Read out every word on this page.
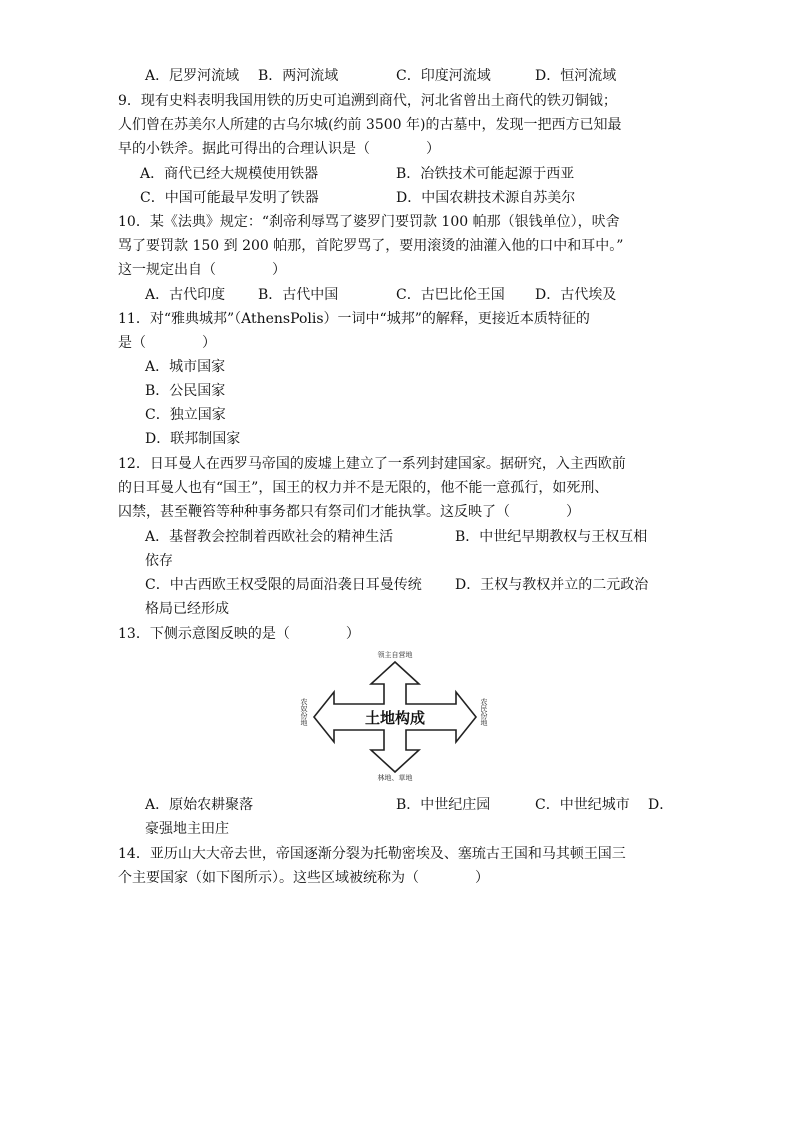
A．尼罗河流域 B．两河流域	C．印度河流域	D．恒河流域
9．现有史料表明我国用铁的历史可追溯到商代，河北省曾出土商代的铁刃铜钺；
人们曾在苏美尔人所建的古乌尔城(约前 3500 年)的古墓中，发现一把西方已知最
早的小铁斧。据此可得出的合理认识是（　　　　）
A．商代已经大规模使用铁器	B．冶铁技术可能起源于西亚
C．中国可能最早发明了铁器	D．中国农耕技术源自苏美尔
10．某《法典》规定：“刹帝利辱骂了婆罗门要罚款 100 帕那（银钱单位），吠舍
骂了要罚款 150 到 200 帕那，首陀罗骂了，要用滚烫的油灌入他的口中和耳中。”
这一规定出自（　　　　）
A．古代印度 B．古代中国	C．古巴比伦王国 D．古代埃及
11．对“雅典城邦”（AthensPolis）一词中“城邦”的解释，更接近本质特征的
是（　　　　）
A．城市国家
B．公民国家
C．独立国家
D．联邦制国家
12．日耳曼人在西罗马帝国的废墟上建立了一系列封建国家。据研究，入主西欧前
的日耳曼人也有“国王”，国王的权力并不是无限的，他不能一意孤行，如死刑、
囚禁，甚至鞭笞等种种事务都只有祭司们才能执掌。这反映了（　　　　）
A．基督教会控制着西欧社会的精神生活	B．中世纪早期教权与王权互相
依存
C．中古西欧王权受限的局面沿袭日耳曼传统 D．王权与教权并立的二元政治
格局已经形成
13．下侧示意图反映的是（　　　　）
土地构成
领主自营地
林地、草地
农奴份地	农民份地
A．原始农耕聚落	B．中世纪庄园	C．中世纪城市 D．
豪强地主田庄
14．亚历山大大帝去世，帝国逐渐分裂为托勒密埃及、塞琉古王国和马其顿王国三
个主要国家（如下图所示）。这些区域被统称为（　　　　）
